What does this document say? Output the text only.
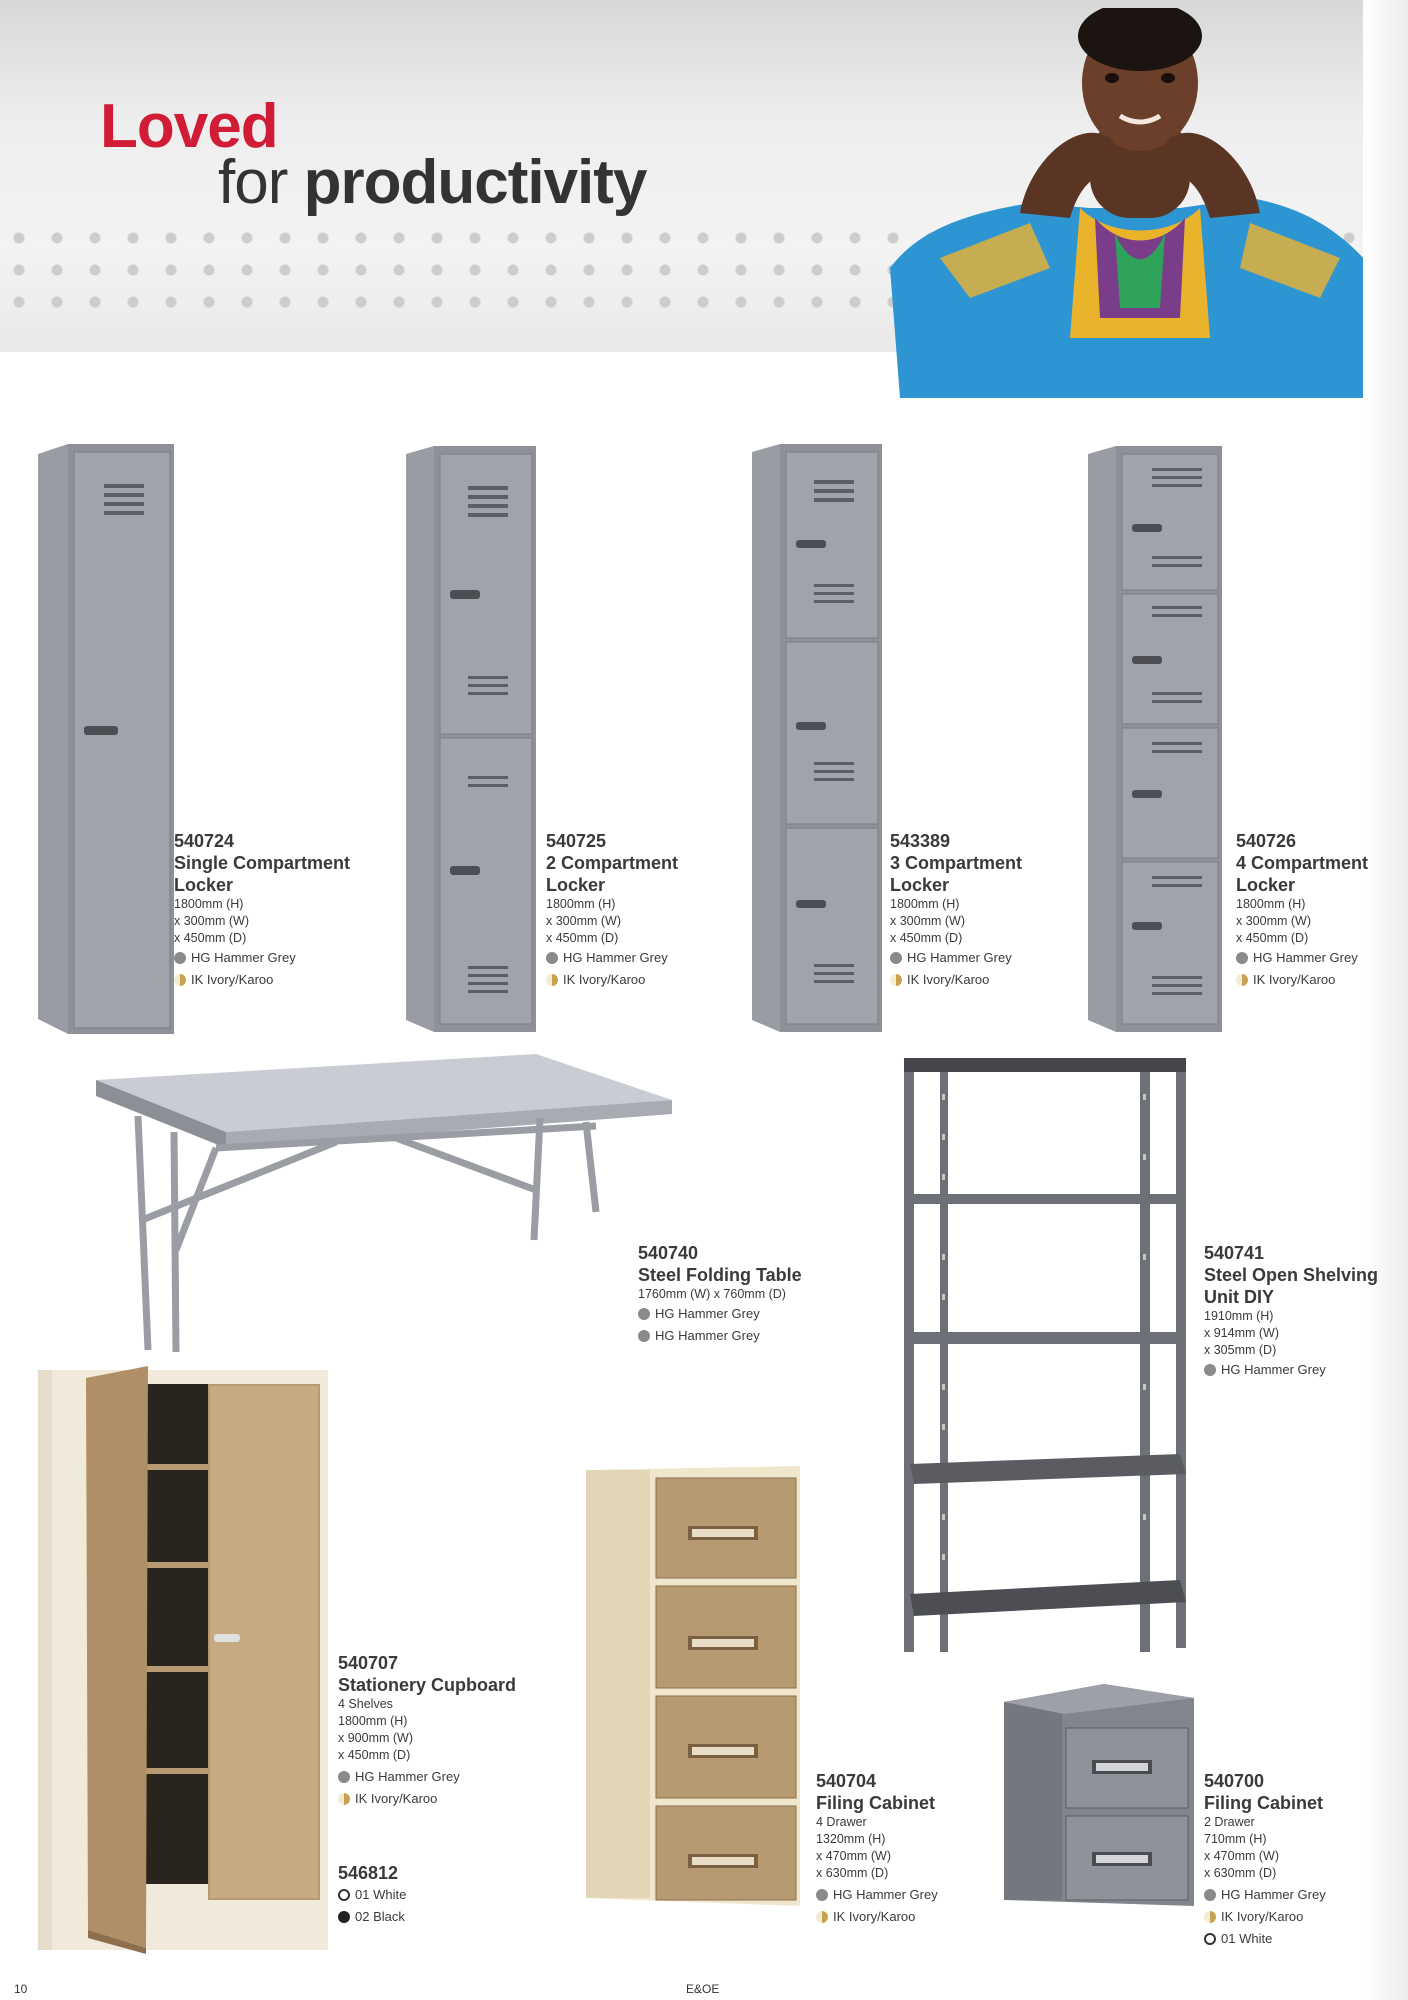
Loved
for productivity
540724
Single Compartment
Locker
1800mm (H)
x 300mm (W)
x 450mm (D)
HG Hammer Grey
IK Ivory/Karoo
540725
2 Compartment
Locker
1800mm (H)
x 300mm (W)
x 450mm (D)
HG Hammer Grey
IK Ivory/Karoo
543389
3 Compartment
Locker
1800mm (H)
x 300mm (W)
x 450mm (D)
HG Hammer Grey
IK Ivory/Karoo
540726
4 Compartment
Locker
1800mm (H)
x 300mm (W)
x 450mm (D)
HG Hammer Grey
IK Ivory/Karoo
540740
Steel Folding Table
1760mm (W) x 760mm (D)
HG Hammer Grey
HG Hammer Grey
540741
Steel Open Shelving
Unit DIY
1910mm (H)
x 914mm (W)
x 305mm (D)
HG Hammer Grey
540707
Stationery Cupboard
4 Shelves
1800mm (H)
x 900mm (W)
x 450mm (D)
HG Hammer Grey
IK Ivory/Karoo
546812
01 White
02 Black
540704
Filing Cabinet
4 Drawer
1320mm (H)
x 470mm (W)
x 630mm (D)
HG Hammer Grey
IK Ivory/Karoo
540700
Filing Cabinet
2 Drawer
710mm (H)
x 470mm (W)
x 630mm (D)
HG Hammer Grey
IK Ivory/Karoo
01 White
10	E&OE
